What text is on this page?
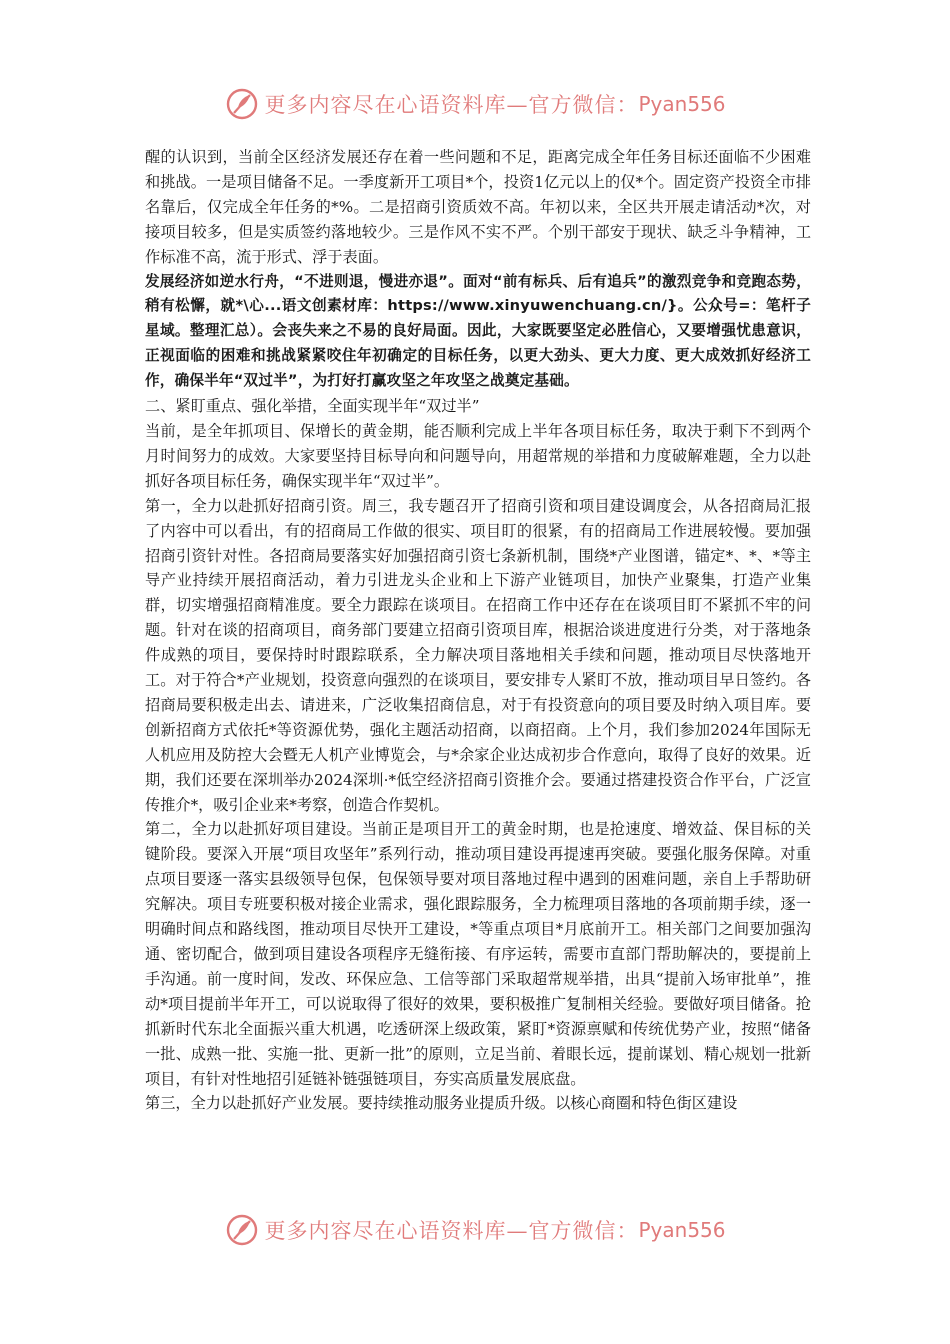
更多内容尽在心语资料库—官方微信： Pyan556

醒的认识到，当前全区经济发展还存在着一些问题和不足，距离完成全年任务目标还面临不少困难和挑战。一是项目储备不足。一季度新开工项目*个，投资1亿元以上的仅*个。固定资产投资全市排名靠后，仅完成全年任务的*%。二是招商引资质效不高。年初以来，全区共开展走请活动*次，对接项目较多，但是实质签约落地较少。三是作风不实不严。个别干部安于现状、缺乏斗争精神，工作标准不高，流于形式、浮于表面。

发展经济如逆水行舟，“不进则退，慢进亦退”。面对“前有标兵、后有追兵”的激烈竞争和竞跑态势，稍有松懈，就*\心...语文创素材库：https://www.xinyuwenchuang.cn/}。公众号=：笔杆子星域。整理汇总）。会丧失来之不易的良好局面。因此，大家既要坚定必胜信心，又要增强忧患意识，正视面临的困难和挑战紧紧咬住年初确定的目标任务，以更大劲头、更大力度、更大成效抓好经济工作，确保半年“双过半”，为打好打赢攻坚之年攻坚之战奠定基础。

二、紧盯重点、强化举措，全面实现半年“双过半”

当前，是全年抓项目、保增长的黄金期，能否顺利完成上半年各项目标任务，取决于剩下不到两个月时间努力的成效。大家要坚持目标导向和问题导向，用超常规的举措和力度破解难题，全力以赴抓好各项目标任务，确保实现半年“双过半”。

第一，全力以赴抓好招商引资。周三，我专题召开了招商引资和项目建设调度会，从各招商局汇报了内容中可以看出，有的招商局工作做的很实、项目盯的很紧，有的招商局工作进展较慢。要加强招商引资针对性。各招商局要落实好加强招商引资七条新机制，围绕*产业图谱，锚定*、*、*等主导产业持续开展招商活动，着力引进龙头企业和上下游产业链项目，加快产业聚集，打造产业集群，切实增强招商精准度。要全力跟踪在谈项目。在招商工作中还存在在谈项目盯不紧抓不牢的问题。针对在谈的招商项目，商务部门要建立招商引资项目库，根据洽谈进度进行分类，对于落地条件成熟的项目，要保持时时跟踪联系，全力解决项目落地相关手续和问题，推动项目尽快落地开工。对于符合*产业规划，投资意向强烈的在谈项目，要安排专人紧盯不放，推动项目早日签约。各招商局要积极走出去、请进来，广泛收集招商信息，对于有投资意向的项目要及时纳入项目库。要创新招商方式依托*等资源优势，强化主题活动招商，以商招商。上个月，我们参加2024年国际无人机应用及防控大会暨无人机产业博览会，与*余家企业达成初步合作意向，取得了良好的效果。近期，我们还要在深圳举办2024深圳·*低空经济招商引资推介会。要通过搭建投资合作平台，广泛宣传推介*，吸引企业来*考察，创造合作契机。

第二，全力以赴抓好项目建设。当前正是项目开工的黄金时期，也是抢速度、增效益、保目标的关键阶段。要深入开展“项目攻坚年”系列行动，推动项目建设再提速再突破。要强化服务保障。对重点项目要逐一落实县级领导包保，包保领导要对项目落地过程中遇到的困难问题，亲自上手帮助研究解决。项目专班要积极对接企业需求，强化跟踪服务，全力梳理项目落地的各项前期手续，逐一明确时间点和路线图，推动项目尽快开工建设，*等重点项目*月底前开工。相关部门之间要加强沟通、密切配合，做到项目建设各项程序无缝衔接、有序运转，需要市直部门帮助解决的，要提前上手沟通。前一度时间，发改、环保应急、工信等部门采取超常规举措，出具“提前入场审批单”，推动*项目提前半年开工，可以说取得了很好的效果，要积极推广复制相关经验。要做好项目储备。抢抓新时代东北全面振兴重大机遇，吃透研深上级政策，紧盯*资源禀赋和传统优势产业，按照“储备一批、成熟一批、实施一批、更新一批”的原则，立足当前、着眼长远，提前谋划、精心规划一批新项目，有针对性地招引延链补链强链项目，夯实高质量发展底盘。

第三，全力以赴抓好产业发展。要持续推动服务业提质升级。以核心商圈和特色街区建设

更多内容尽在心语资料库—官方微信： Pyan556
